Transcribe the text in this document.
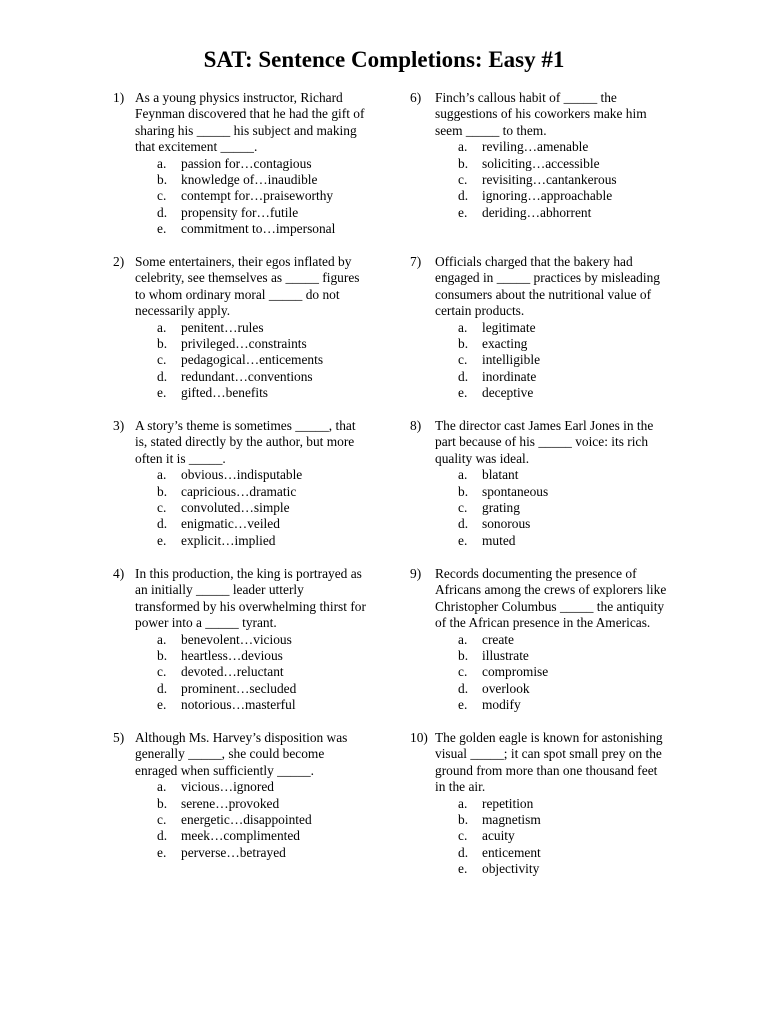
SAT: Sentence Completions: Easy #1
1) As a young physics instructor, Richard
Feynman discovered that he had the gift of
sharing his _____ his subject and making
that excitement _____.
a.	passion for…contagious
b.	knowledge of…inaudible
c.	contempt for…praiseworthy
d.	propensity for…futile
e.	commitment to…impersonal
2) Some entertainers, their egos inflated by
celebrity, see themselves as _____ figures
to whom ordinary moral _____ do not
necessarily apply.
a.	penitent…rules
b.	privileged…constraints
c.	pedagogical…enticements
d.	redundant…conventions
e.	gifted…benefits
3) A story’s theme is sometimes _____, that
is, stated directly by the author, but more
often it is _____.
a.	obvious…indisputable
b.	capricious…dramatic
c.	convoluted…simple
d.	enigmatic…veiled
e.	explicit…implied
4) In this production, the king is portrayed as
an initially _____ leader utterly
transformed by his overwhelming thirst for
power into a _____ tyrant.
a.	benevolent…vicious
b.	heartless…devious
c.	devoted…reluctant
d.	prominent…secluded
e.	notorious…masterful
5) Although Ms. Harvey’s disposition was
generally _____, she could become
enraged when sufficiently _____.
a.	vicious…ignored
b.	serene…provoked
c.	energetic…disappointed
d.	meek…complimented
e.	perverse…betrayed
6)	Finch’s callous habit of _____ the
suggestions of his coworkers make him
seem _____ to them.
a.	reviling…amenable
b.	soliciting…accessible
c.	revisiting…cantankerous
d.	ignoring…approachable
e.	deriding…abhorrent
7)	Officials charged that the bakery had
engaged in _____ practices by misleading
consumers about the nutritional value of
certain products.
a.	legitimate
b.	exacting
c.	intelligible
d.	inordinate
e.	deceptive
8)	The director cast James Earl Jones in the
part because of his _____ voice: its rich
quality was ideal.
a.	blatant
b.	spontaneous
c.	grating
d.	sonorous
e.	muted
9)	Records documenting the presence of
Africans among the crews of explorers like
Christopher Columbus _____ the antiquity
of the African presence in the Americas.
a.	create
b.	illustrate
c.	compromise
d.	overlook
e.	modify
10) The golden eagle is known for astonishing
visual _____; it can spot small prey on the
ground from more than one thousand feet
in the air.
a.	repetition
b.	magnetism
c.	acuity
d.	enticement
e.	objectivity
